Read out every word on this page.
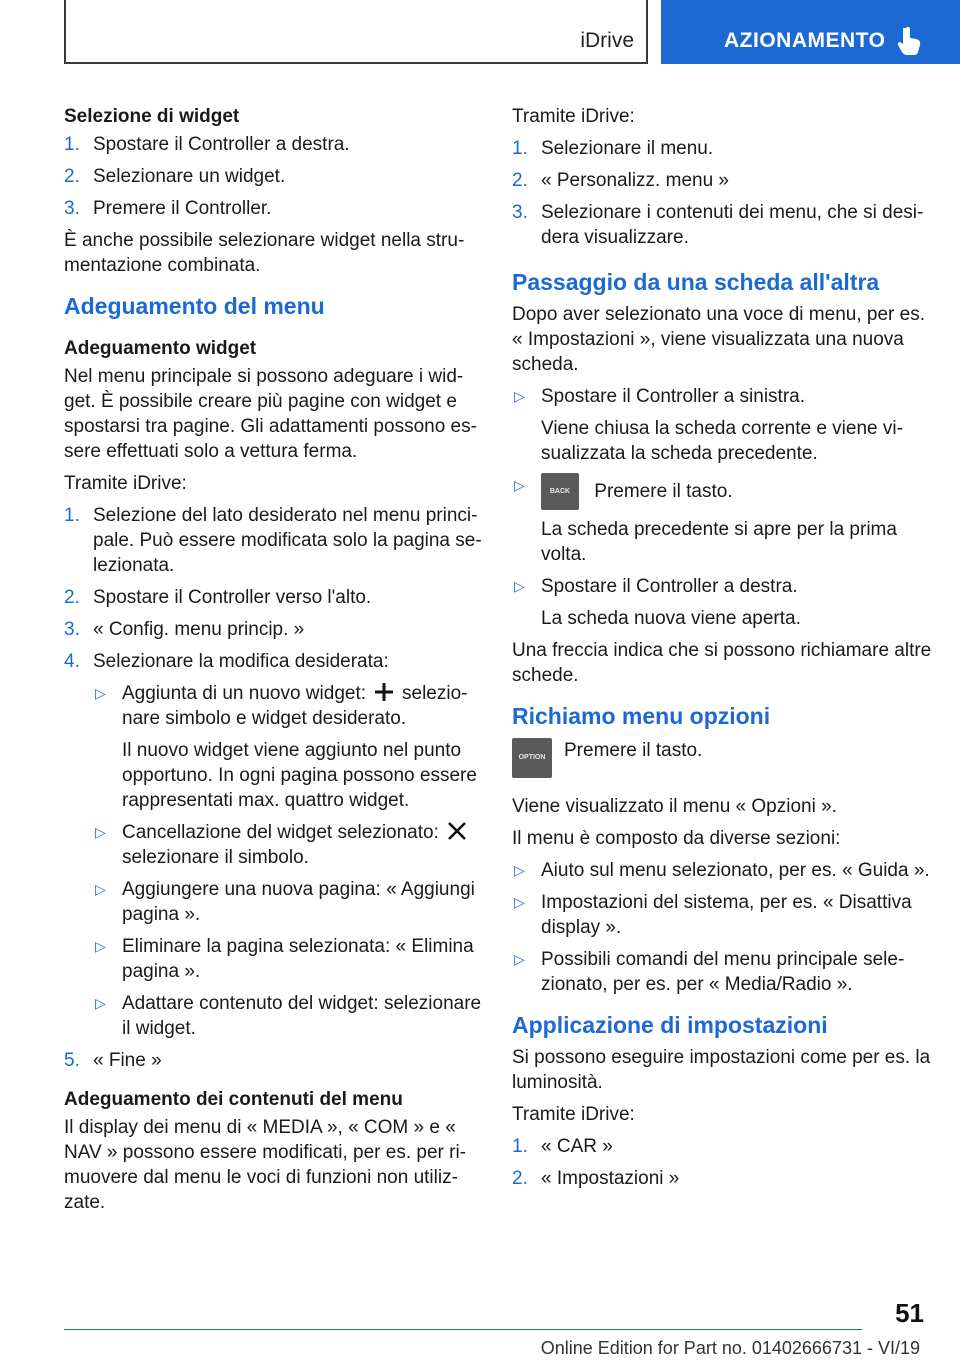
iDrive	AZIONAMENTO
Selezione di widget
1. Spostare il Controller a destra.
2. Selezionare un widget.
3. Premere il Controller.

È anche possibile selezionare widget nella strumentazione combinata.

Adeguamento del menu
Adeguamento widget

Nel menu principale si possono adeguare i widget. È possibile creare più pagine con widget e spostarsi tra pagine. Gli adattamenti possono essere effettuati solo a vettura ferma.

Tramite iDrive:

1. Selezione del lato desiderato nel menu principale. Può essere modificata solo la pagina selezionata.
2. Spostare il Controller verso l'alto.
3. « Config. menu princip. »
4. Selezionare la modifica desiderata:
▷ Aggiunta di un nuovo widget: selezionare simbolo e widget desiderato.
Il nuovo widget viene aggiunto nel punto opportuno. In ogni pagina possono essere rappresentati max. quattro widget.
▷ Cancellazione del widget selezionato:selezionare il simbolo.
▷ Aggiungere una nuova pagina: « Aggiungi pagina ».
▷ Eliminare la pagina selezionata: « Elimina pagina ».
▷ Adattare contenuto del widget: selezionare il widget.
5. « Fine »
Adeguamento dei contenuti del menu

Il display dei menu di « MEDIA », « COM » e « NAV » possono essere modificati, per es. per rimuovere dal menu le voci di funzioni non utilizzate.

Tramite iDrive:

1. Selezionare il menu.
2. « Personalizz. menu »
3. Selezionare i contenuti dei menu, che si desidera visualizzare.
Passaggio da una scheda all'altra

Dopo aver selezionato una voce di menu, per es. « Impostazioni », viene visualizzata una nuova scheda.

▷ Spostare il Controller a sinistra.
Viene chiusa la scheda corrente e viene visualizzata la scheda precedente.
▷	BACK Premere il tasto.
La scheda precedente si apre per la prima volta.
▷ Spostare il Controller a destra.
La scheda nuova viene aperta.

Una freccia indica che si possono richiamare altre schede.

Richiamo menu opzioni
OPTION Premere il tasto.

Viene visualizzato il menu « Opzioni ».

Il menu è composto da diverse sezioni:

▷ Aiuto sul menu selezionato, per es. « Guida ».
▷ Impostazioni del sistema, per es. « Disattiva display ».
▷ Possibili comandi del menu principale selezionato, per es. per « Media/Radio ».
Applicazione di impostazioni

Si possono eseguire impostazioni come per es. la luminosità.

Tramite iDrive:

1. « CAR »
2. « Impostazioni »
51
Online Edition for Part no. 01402666731 - VI/19
